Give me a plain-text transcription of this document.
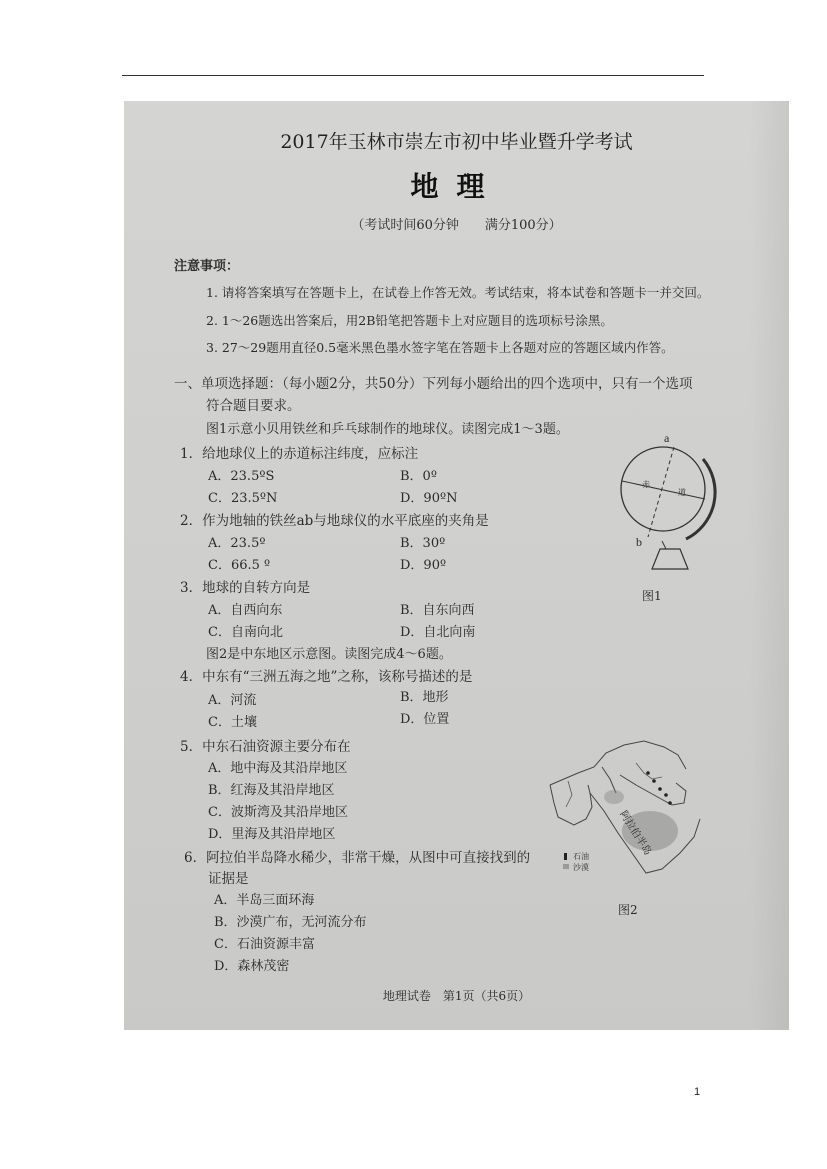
2017年玉林市崇左市初中毕业暨升学考试
地理
（考试时间60分钟　　满分100分）
注意事项：
1. 请将答案填写在答题卡上，在试卷上作答无效。考试结束，将本试卷和答题卡一并交回。
2. 1～26题选出答案后，用2B铅笔把答题卡上对应题目的选项标号涂黑。
3. 27～29题用直径0.5毫米黑色墨水签字笔在答题卡上各题对应的答题区域内作答。
一、单项选择题：（每小题2分，共50分）下列每小题给出的四个选项中，只有一个选项
符合题目要求。
图1示意小贝用铁丝和乒乓球制作的地球仪。读图完成1～3题。
1．给地球仪上的赤道标注纬度，应标注
A．23.5ºS	B．0º
C．23.5ºN	D．90ºN
2．作为地轴的铁丝ab与地球仪的水平底座的夹角是
A．23.5º	B．30º
C．66.5 º	D．90º
3．地球的自转方向是
A．自西向东	B．自东向西
C．自南向北	D．自北向南
图2是中东地区示意图。读图完成4～6题。
4．中东有“三洲五海之地”之称，该称号描述的是
A．河流	B．地形
C．土壤	D．位置
5．中东石油资源主要分布在
A．地中海及其沿岸地区
B．红海及其沿岸地区
C．波斯湾及其沿岸地区
D．里海及其沿岸地区
6．阿拉伯半岛降水稀少，非常干燥，从图中可直接找到的
证据是
A．半岛三面环海
B．沙漠广布，无河流分布
C．石油资源丰富
D．森林茂密
a
b
赤
道
图1
阿拉伯半岛
石油
沙漠
图2
地理试卷　第1页（共6页）
1
